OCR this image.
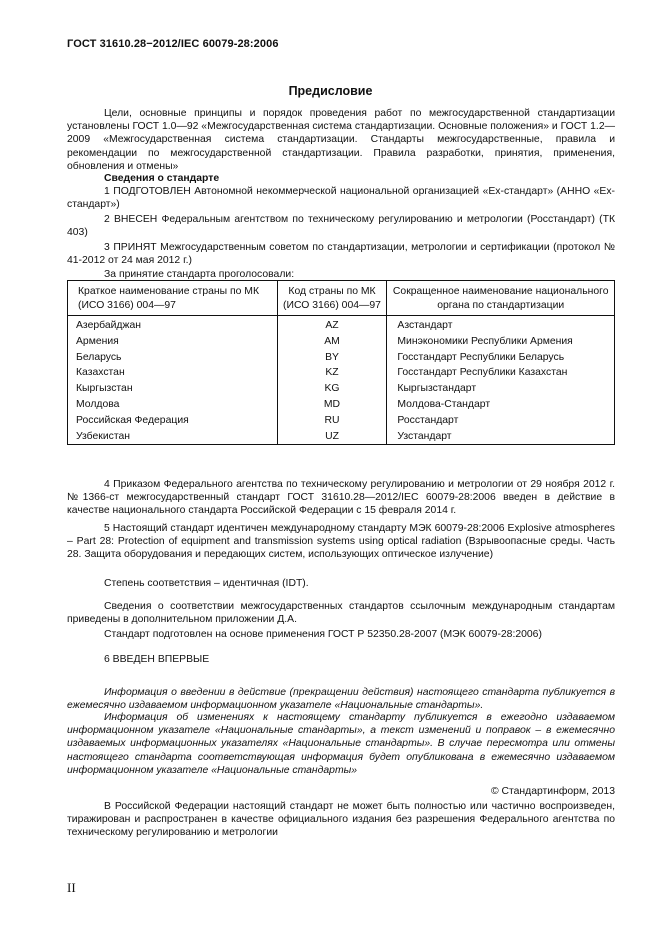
ГОСТ 31610.28−2012/IEC 60079-28:2006
Предисловие
Цели, основные принципы и порядок проведения работ по межгосударственной стандартизации установлены ГОСТ 1.0—92 «Межгосударственная система стандартизации. Основные положения» и ГОСТ 1.2—2009 «Межгосударственная система стандартизации. Стандарты межгосударственные, правила и рекомендации по межгосударственной стандартизации. Правила разработки, принятия, применения, обновления и отмены»
Сведения о стандарте
1 ПОДГОТОВЛЕН Автономной некоммерческой национальной организацией «Ех-стандарт» (АННО «Ех-стандарт»)
2 ВНЕСЕН Федеральным агентством по техническому регулированию и метрологии (Росстандарт) (ТК 403)
3 ПРИНЯТ Межгосударственным советом по стандартизации, метрологии и сертификации (протокол № 41-2012 от 24 мая 2012 г.)
За принятие стандарта проголосовали:
Краткое наименование страны по МК (ИСО 3166) 004—97	Код страны по МК (ИСО 3166) 004—97	Сокращенное наименование национального органа по стандартизации
Азербайджан	AZ	Азстандарт
Армения	AM	Минэкономики Республики Армения
Беларусь	BY	Госстандарт Республики Беларусь
Казахстан	KZ	Госстандарт Республики Казахстан
Кыргызстан	KG	Кыргызстандарт
Молдова	MD	Молдова-Стандарт
Российская Федерация	RU	Росстандарт
Узбекистан	UZ	Узстандарт
4 Приказом Федерального агентства по техническому регулированию и метрологии от 29 ноября 2012 г. №1366-ст межгосударственный стандарт ГОСТ 31610.28—2012/IEC 60079-28:2006 введен в действие в качестве национального стандарта Российской Федерации с 15 февраля 2014 г.
5 Настоящий стандарт идентичен международному стандарту МЭК 60079-28:2006 Explosive atmospheres – Part 28: Protection of equipment and transmission systems using optical radiation (Взрывоопасные среды. Часть 28. Защита оборудования и передающих систем, использующих оптическое излучение)
Степень соответствия – идентичная (IDT).
Сведения о соответствии межгосударственных стандартов ссылочным международным стандартам приведены в дополнительном приложении Д.А.
Стандарт подготовлен на основе применения ГОСТ Р 52350.28-2007 (МЭК 60079-28:2006)
6 ВВЕДЕН ВПЕРВЫЕ
Информация о введении в действие (прекращении действия) настоящего стандарта публикуется в ежемесячно издаваемом информационном указателе «Национальные стандарты».
Информация об изменениях к настоящему стандарту публикуется в ежегодно издаваемом информационном указателе «Национальные стандарты», а текст изменений и поправок – в ежемесячно издаваемых информационных указателях «Национальные стандарты». В случае пересмотра или отмены настоящего стандарта соответствующая информация будет опубликована в ежемесячно издаваемом информационном указателе «Национальные стандарты»
© Стандартинформ, 2013
В Российской Федерации настоящий стандарт не может быть полностью или частично воспроизведен, тиражирован и распространен в качестве официального издания без разрешения Федерального агентства по техническому регулированию и метрологии
II
